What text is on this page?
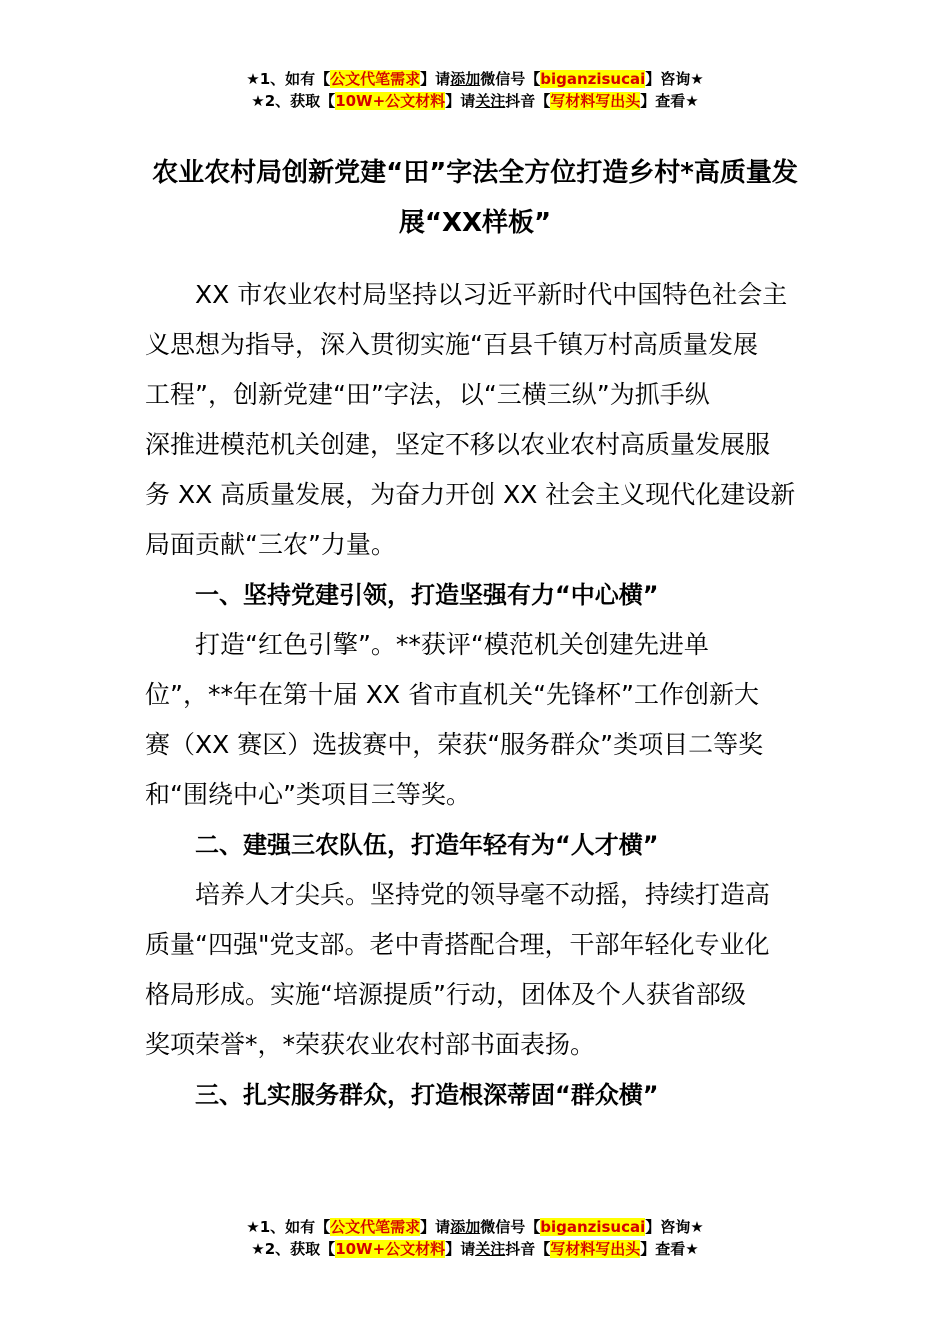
★1、如有【公文代笔需求】请添加微信号【biganzisucai】咨询★
★2、获取【10W+公文材料】请关注抖音【写材料写出头】查看★
农业农村局创新党建“田”字法全方位打造乡村*高质量发
展“XX样板”
XX 市农业农村局坚持以习近平新时代中国特色社会主
义思想为指导，深入贯彻实施“百县千镇万村高质量发展
工程”，创新党建“田”字法，以“三横三纵”为抓手纵
深推进模范机关创建，坚定不移以农业农村高质量发展服
务 XX 高质量发展，为奋力开创 XX 社会主义现代化建设新
局面贡献“三农”力量。
一、坚持党建引领，打造坚强有力“中心横”
打造“红色引擎”。**获评“模范机关创建先进单
位”，**年在第十届 XX 省市直机关“先锋杯”工作创新大
赛（XX 赛区）选拔赛中，荣获“服务群众”类项目二等奖
和“围绕中心”类项目三等奖。
二、建强三农队伍，打造年轻有为“人才横”
培养人才尖兵。坚持党的领导毫不动摇，持续打造高
质量“四强"党支部。老中青搭配合理，干部年轻化专业化
格局形成。实施“培源提质”行动，团体及个人获省部级
奖项荣誉*，*荣获农业农村部书面表扬。
三、扎实服务群众，打造根深蒂固“群众横”
★1、如有【公文代笔需求】请添加微信号【biganzisucai】咨询★
★2、获取【10W+公文材料】请关注抖音【写材料写出头】查看★
